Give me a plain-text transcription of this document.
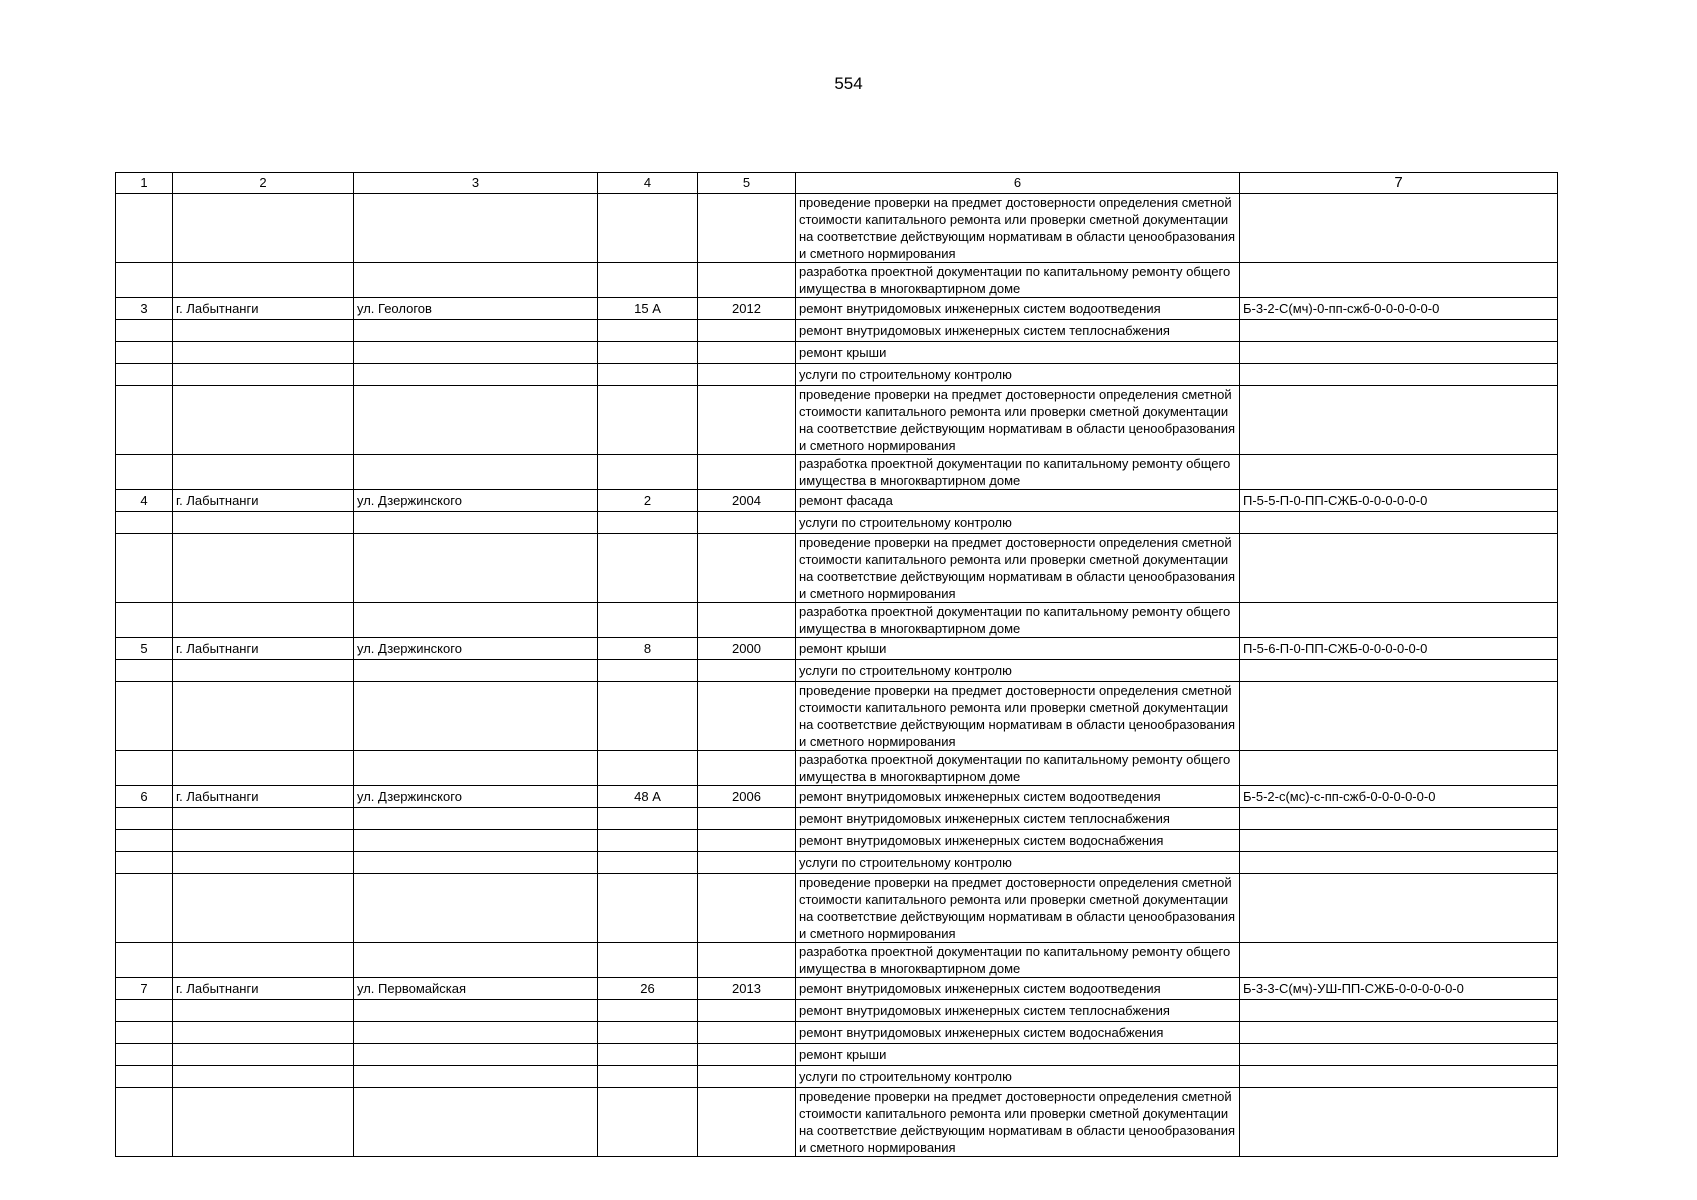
554
1	2	3	4	5	6	7
					проведение проверки на предмет достоверности определения сметной стоимости капитального ремонта или проверки сметной документации на соответствие действующим нормативам в области ценообразования и сметного нормирования	
					разработка проектной документации по капитальному ремонту общего имущества в многоквартирном доме	
3	г. Лабытнанги	ул. Геологов	15 А	2012	ремонт внутридомовых инженерных систем водоотведения	Б-3-2-С(мч)-0-пп-сжб-0-0-0-0-0-0
					ремонт внутридомовых инженерных систем теплоснабжения	
					ремонт крыши	
					услуги по строительному контролю	
					проведение проверки на предмет достоверности определения сметной стоимости капитального ремонта или проверки сметной документации на соответствие действующим нормативам в области ценообразования и сметного нормирования	
					разработка проектной документации по капитальному ремонту общего имущества в многоквартирном доме	
4	г. Лабытнанги	ул. Дзержинского	2	2004	ремонт фасада	П-5-5-П-0-ПП-СЖБ-0-0-0-0-0-0
					услуги по строительному контролю	
					проведение проверки на предмет достоверности определения сметной стоимости капитального ремонта или проверки сметной документации на соответствие действующим нормативам в области ценообразования и сметного нормирования	
					разработка проектной документации по капитальному ремонту общего имущества в многоквартирном доме	
5	г. Лабытнанги	ул. Дзержинского	8	2000	ремонт крыши	П-5-6-П-0-ПП-СЖБ-0-0-0-0-0-0
					услуги по строительному контролю	
					проведение проверки на предмет достоверности определения сметной стоимости капитального ремонта или проверки сметной документации на соответствие действующим нормативам в области ценообразования и сметного нормирования	
					разработка проектной документации по капитальному ремонту общего имущества в многоквартирном доме	
6	г. Лабытнанги	ул. Дзержинского	48 А	2006	ремонт внутридомовых инженерных систем водоотведения	Б-5-2-с(мс)-с-пп-сжб-0-0-0-0-0-0
					ремонт внутридомовых инженерных систем теплоснабжения	
					ремонт внутридомовых инженерных систем водоснабжения	
					услуги по строительному контролю	
					проведение проверки на предмет достоверности определения сметной стоимости капитального ремонта или проверки сметной документации на соответствие действующим нормативам в области ценообразования и сметного нормирования	
					разработка проектной документации по капитальному ремонту общего имущества в многоквартирном доме	
7	г. Лабытнанги	ул. Первомайская	26	2013	ремонт внутридомовых инженерных систем водоотведения	Б-3-3-С(мч)-УШ-ПП-СЖБ-0-0-0-0-0-0
					ремонт внутридомовых инженерных систем теплоснабжения	
					ремонт внутридомовых инженерных систем водоснабжения	
					ремонт крыши	
					услуги по строительному контролю	
					проведение проверки на предмет достоверности определения сметной стоимости капитального ремонта или проверки сметной документации на соответствие действующим нормативам в области ценообразования и сметного нормирования	
